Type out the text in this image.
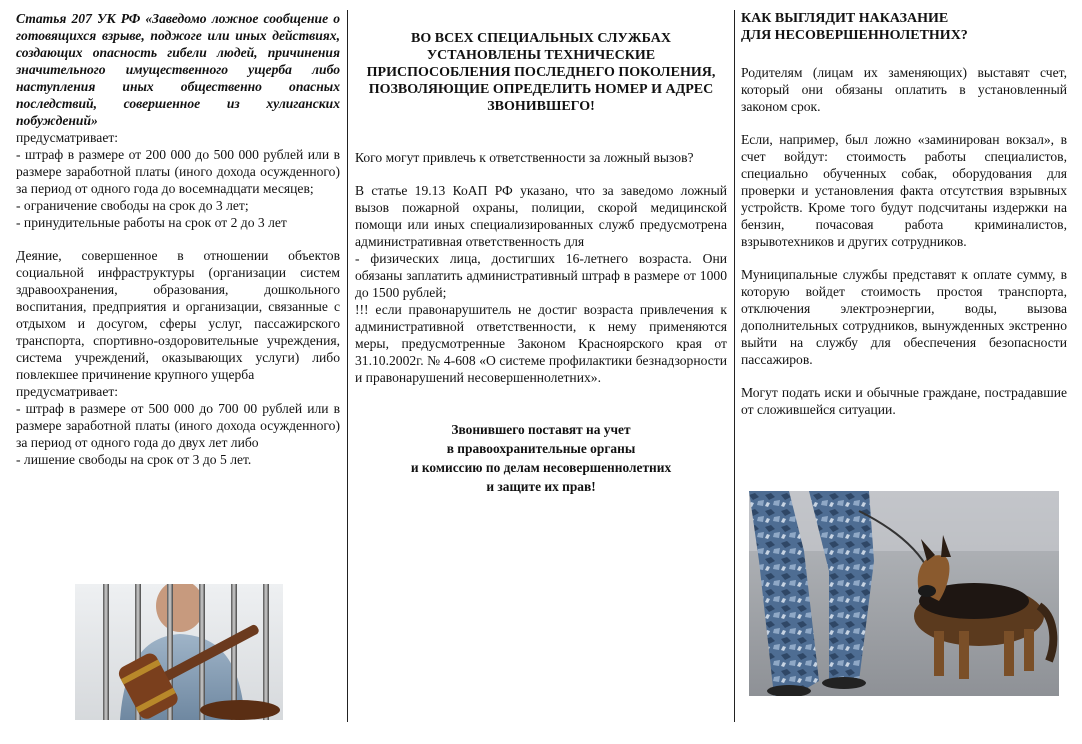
Статья 207 УК РФ «Заведомо ложное сообщение о готовящихся взрыве, поджоге или иных действиях, создающих опасность гибели людей, причинения значительного имущественного ущерба либо наступления иных общественно опасных последствий, совершенное из хулиганских побуждений»

предусматривает:

- штраф в размере от 200 000 до 500 000 рублей или в размере заработной платы (иного дохода осужденного) за период от одного года до восемнадцати месяцев;

- ограничение свободы на срок до 3 лет;

- принудительные работы на срок от 2 до 3 лет

Деяние, совершенное в отношении объектов социальной инфраструктуры (организации систем здравоохранения, образования, дошкольного воспитания, предприятия и организации, связанные с отдыхом и досугом, сферы услуг, пассажирского транспорта, спортивно-оздоровительные учреждения, система учреждений, оказывающих услуги) либо повлекшее причинение крупного ущерба

предусматривает:

- штраф в размере от 500 000 до 700 00 рублей или в размере заработной платы (иного дохода осужденного) за период от одного года до двух лет либо

- лишение свободы на срок от 3 до 5 лет.

ВО ВСЕХ СПЕЦИАЛЬНЫХ СЛУЖБАХ УСТАНОВЛЕНЫ ТЕХНИЧЕСКИЕ ПРИСПОСОБЛЕНИЯ ПОСЛЕДНЕГО ПОКОЛЕНИЯ, ПОЗВОЛЯЮЩИЕ ОПРЕДЕЛИТЬ НОМЕР И АДРЕС ЗВОНИВШЕГО!

Кого могут привлечь к ответственности за ложный вызов?

В статье 19.13 КоАП РФ указано, что за заведомо ложный вызов пожарной охраны, полиции, скорой медицинской помощи или иных специализированных служб предусмотрена административная ответственность для

- физических лица, достигших 16-летнего возраста. Они обязаны заплатить административный штраф в размере от 1000 до 1500 рублей;

!!! если правонарушитель не достиг возраста привлечения к административной ответственности, к нему применяются меры, предусмотренные Законом Красноярского края от 31.10.2002г. № 4-608 «О системе профилактики безнадзорности и правонарушений несовершеннолетних».

Звонившего поставят на учет

в правоохранительные органы

и комиссию по делам несовершеннолетних

и защите их прав!

КАК ВЫГЛЯДИТ НАКАЗАНИЕ

ДЛЯ НЕСОВЕРШЕННОЛЕТНИХ?

Родителям (лицам их заменяющих) выставят счет, который они обязаны оплатить в установленный законом срок.

Если, например, был ложно «заминирован вокзал», в счет войдут: стоимость работы специалистов, специально обученных собак, оборудования для проверки и установления факта отсутствия взрывных устройств. Кроме того будут подсчитаны издержки на бензин, почасовая работа криминалистов, взрывотехников и других сотрудников.

Муниципальные службы представят к оплате сумму, в которую войдет стоимость простоя транспорта, отключения электроэнергии, воды, вызова дополнительных сотрудников, вынужденных экстренно выйти на службу для обеспечения безопасности пассажиров.

Могут подать иски и обычные граждане, пострадавшие от сложившейся ситуации.
